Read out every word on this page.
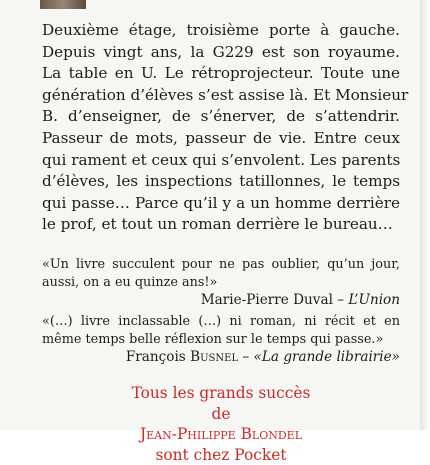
Deuxième étage, troisième porte à gauche.
Depuis vingt ans, la G229 est son royaume.
La table en U. Le rétroprojecteur. Toute une
génération d’élèves s’est assise là. Et Monsieur
B. d’enseigner, de s’énerver, de s’attendrir.
Passeur de mots, passeur de vie. Entre ceux
qui rament et ceux qui s’envolent. Les parents
d’élèves, les inspections tatillonnes, le temps
qui passe… Parce qu’il y a un homme derrière
le prof, et tout un roman derrière le bureau…

«Un livre succulent pour ne pas oublier, qu’un jour,
aussi, on a eu quinze ans!»
Marie-Pierre Duval – L’Union
«(…) livre inclassable (…) ni roman, ni récit et en
même temps belle réflexion sur le temps qui passe.»
François Busnel – «La grande librairie»
Tous les grands succès
de
Jean-Philippe Blondel
sont chez Pocket
